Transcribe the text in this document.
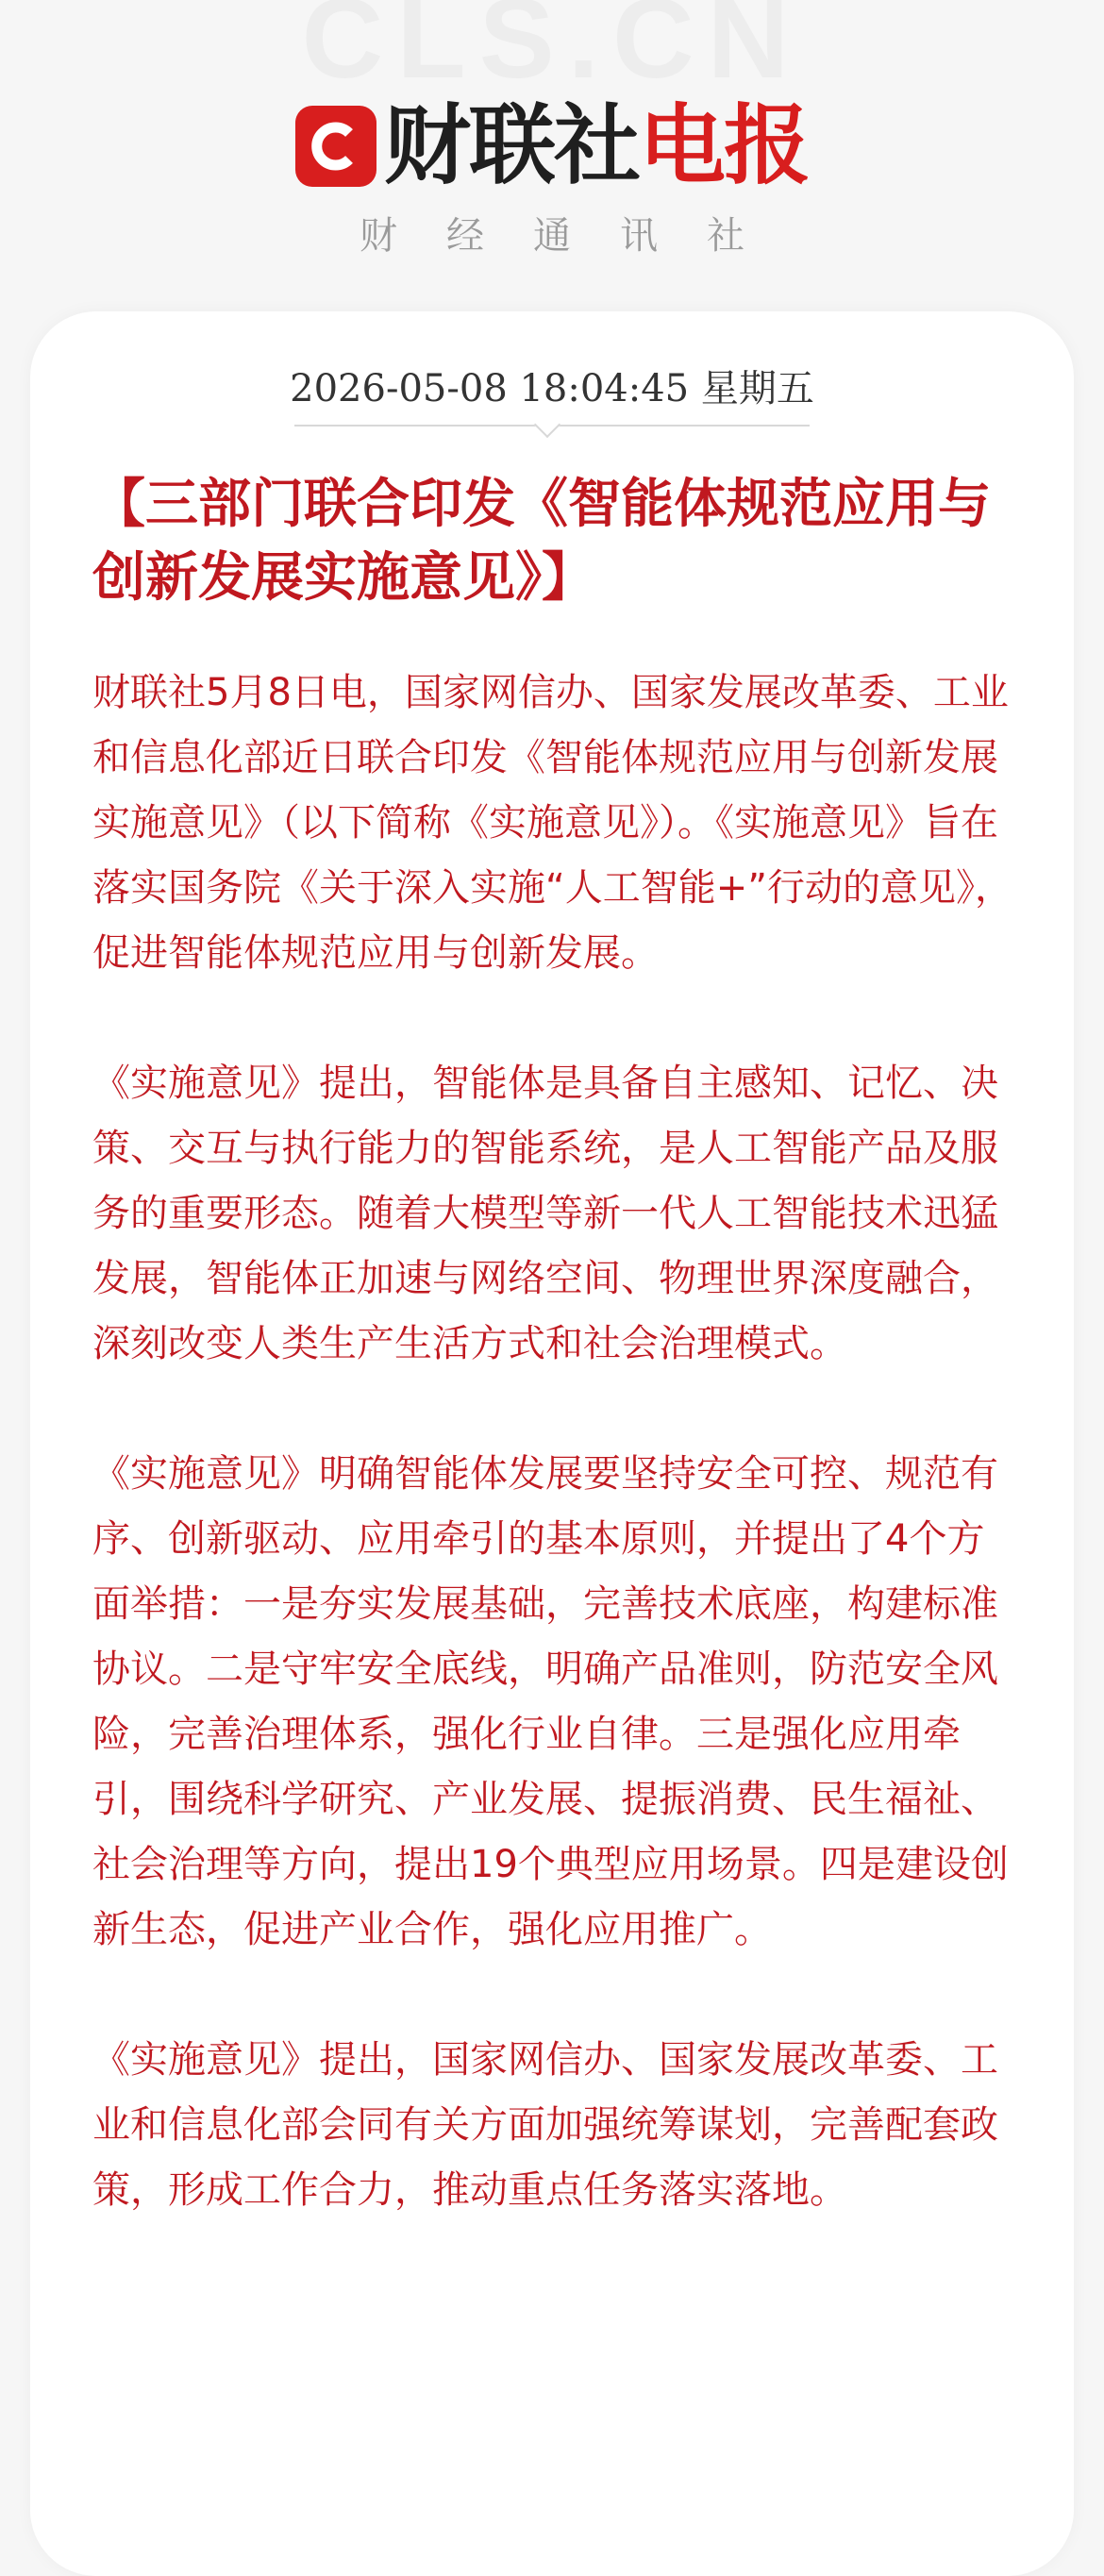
财联社电报
财经通讯社
2026-05-08 18:04:45 星期五
【三部门联合印发《智能体规范应用与创新发展实施意见》】

财联社5月8日电，国家网信办、国家发展改革委、工业和信息化部近日联合印发《智能体规范应用与创新发展实施意见》（以下简称《实施意见》）。《实施意见》旨在落实国务院《关于深入实施“人工智能+”行动的意见》，促进智能体规范应用与创新发展。

《实施意见》提出，智能体是具备自主感知、记忆、决策、交互与执行能力的智能系统，是人工智能产品及服务的重要形态。随着大模型等新一代人工智能技术迅猛发展，智能体正加速与网络空间、物理世界深度融合，深刻改变人类生产生活方式和社会治理模式。

《实施意见》明确智能体发展要坚持安全可控、规范有序、创新驱动、应用牵引的基本原则，并提出了4个方面举措：一是夯实发展基础，完善技术底座，构建标准协议。二是守牢安全底线，明确产品准则，防范安全风险，完善治理体系，强化行业自律。三是强化应用牵引，围绕科学研究、产业发展、提振消费、民生福祉、社会治理等方向，提出19个典型应用场景。四是建设创新生态，促进产业合作，强化应用推广。

《实施意见》提出，国家网信办、国家发展改革委、工业和信息化部会同有关方面加强统筹谋划，完善配套政策，形成工作合力，推动重点任务落实落地。
